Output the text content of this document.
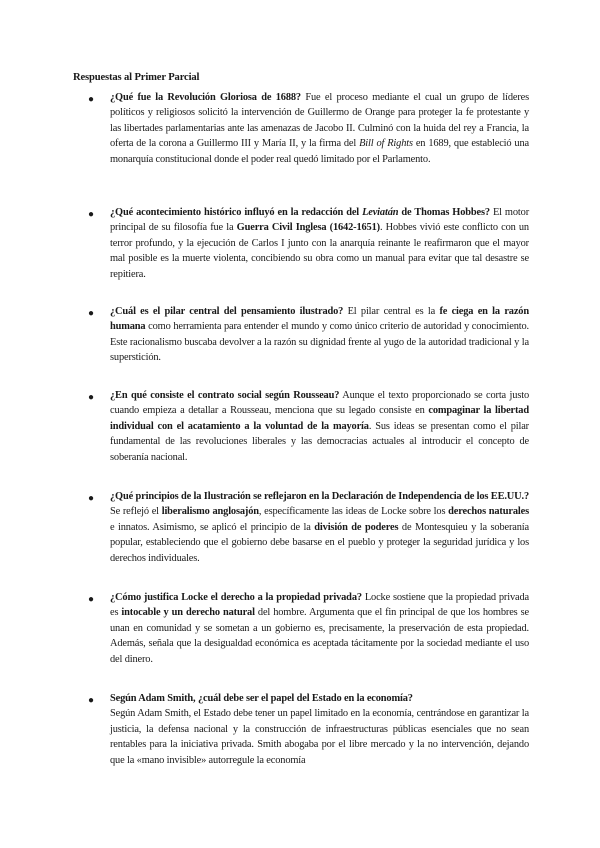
Respuestas al Primer Parcial
● ¿Qué fue la Revolución Gloriosa de 1688? Fue el proceso mediante el cual un grupo de líderes políticos y religiosos solicitó la intervención de Guillermo de Orange para proteger la fe protestante y las libertades parlamentarias ante las amenazas de Jacobo II. Culminó con la huida del rey a Francia, la oferta de la corona a Guillermo III y María II, y la firma del Bill of Rights en 1689, que estableció una monarquía constitucional donde el poder real quedó limitado por el Parlamento.
● ¿Qué acontecimiento histórico influyó en la redacción del Leviatán de Thomas Hobbes? El motor principal de su filosofía fue la Guerra Civil Inglesa (1642-1651). Hobbes vivió este conflicto con un terror profundo, y la ejecución de Carlos I junto con la anarquía reinante le reafirmaron que el mayor mal posible es la muerte violenta, concibiendo su obra como un manual para evitar que tal desastre se repitiera.
● ¿Cuál es el pilar central del pensamiento ilustrado? El pilar central es la fe ciega en la razón humana como herramienta para entender el mundo y como único criterio de autoridad y conocimiento. Este racionalismo buscaba devolver a la razón su dignidad frente al yugo de la autoridad tradicional y la superstición.
● ¿En qué consiste el contrato social según Rousseau? Aunque el texto proporcionado se corta justo cuando empieza a detallar a Rousseau, menciona que su legado consiste en compaginar la libertad individual con el acatamiento a la voluntad de la mayoría. Sus ideas se presentan como el pilar fundamental de las revoluciones liberales y las democracias actuales al introducir el concepto de soberanía nacional.
● ¿Qué principios de la Ilustración se reflejaron en la Declaración de Independencia de los EE.UU.? Se reflejó el liberalismo anglosajón, específicamente las ideas de Locke sobre los derechos naturales e innatos. Asimismo, se aplicó el principio de la división de poderes de Montesquieu y la soberanía popular, estableciendo que el gobierno debe basarse en el pueblo y proteger la seguridad jurídica y los derechos individuales.
● ¿Cómo justifica Locke el derecho a la propiedad privada? Locke sostiene que la propiedad privada es intocable y un derecho natural del hombre. Argumenta que el fin principal de que los hombres se unan en comunidad y se sometan a un gobierno es, precisamente, la preservación de esta propiedad. Además, señala que la desigualdad económica es aceptada tácitamente por la sociedad mediante el uso del dinero.
● Según Adam Smith, ¿cuál debe ser el papel del Estado en la economía?
Según Adam Smith, el Estado debe tener un papel limitado en la economía, centrándose en garantizar la justicia, la defensa nacional y la construcción de infraestructuras públicas esenciales que no sean rentables para la iniciativa privada. Smith abogaba por el libre mercado y la no intervención, dejando que la «mano invisible» autorregule la economía
